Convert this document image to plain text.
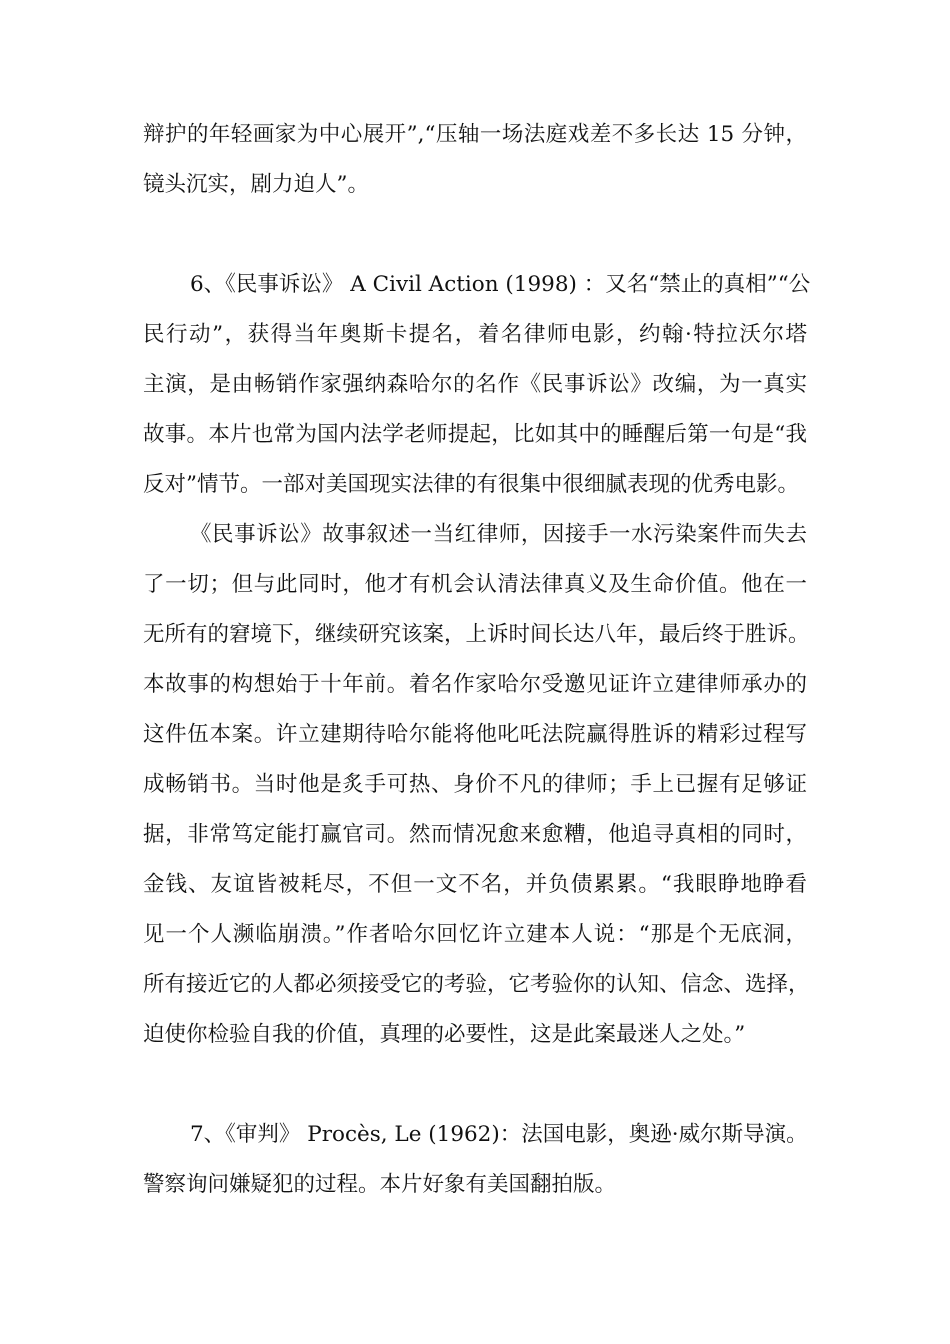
辩护的年轻画家为中心展开”,“压轴一场法庭戏差不多长达 15 分钟，
镜头沉实，剧力迫人”。
6、《民事诉讼》 A Civil Action (1998) ：又名“禁止的真相”“公
民行动”，获得当年奥斯卡提名，着名律师电影，约翰·特拉沃尔塔
主演，是由畅销作家强纳森哈尔的名作《民事诉讼》改编，为一真实
故事。本片也常为国内法学老师提起，比如其中的睡醒后第一句是“我
反对”情节。一部对美国现实法律的有很集中很细腻表现的优秀电影。
《民事诉讼》故事叙述一当红律师，因接手一水污染案件而失去
了一切；但与此同时，他才有机会认清法律真义及生命价值。他在一
无所有的窘境下，继续研究该案，上诉时间长达八年，最后终于胜诉。
本故事的构想始于十年前。着名作家哈尔受邀见证许立建律师承办的
这件伍本案。许立建期待哈尔能将他叱吒法院赢得胜诉的精彩过程写
成畅销书。当时他是炙手可热、身价不凡的律师；手上已握有足够证
据，非常笃定能打赢官司。然而情况愈来愈糟，他追寻真相的同时，
金钱、友谊皆被耗尽，不但一文不名，并负债累累。“我眼睁地睁看
见一个人濒临崩溃。”作者哈尔回忆许立建本人说：“那是个无底洞，
所有接近它的人都必须接受它的考验，它考验你的认知、信念、选择，
迫使你检验自我的价值，真理的必要性，这是此案最迷人之处。”
7、《审判》 Procès, Le (1962)：法国电影，奥逊·威尔斯导演。
警察询问嫌疑犯的过程。本片好象有美国翻拍版。
